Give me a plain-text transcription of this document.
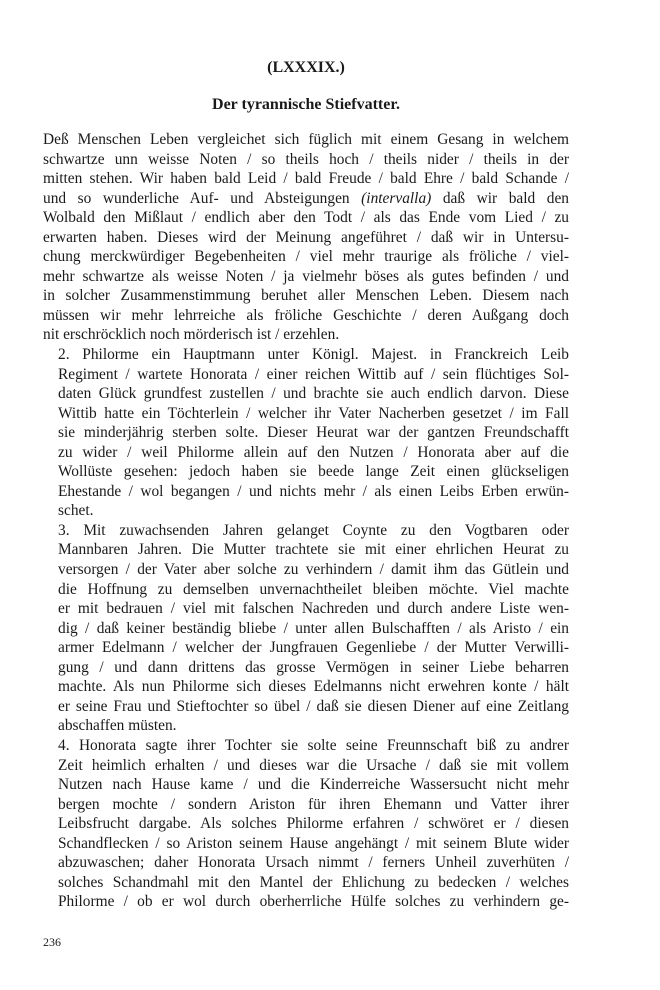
(LXXXIX.)
Der tyrannische Stiefvatter.

Deß Menschen Leben vergleichet sich füglich mit einem Gesang in welchem
schwartze unn weisse Noten / so theils hoch / theils nider / theils in der
mitten stehen. Wir haben bald Leid / bald Freude / bald Ehre / bald Schande /
und so wunderliche Auf- und Absteigungen (intervalla) daß wir bald den
Wolbald den Mißlaut / endlich aber den Todt / als das Ende vom Lied / zu
erwarten haben. Dieses wird der Meinung angeführet / daß wir in Untersu-
chung merckwürdiger Begebenheiten / viel mehr traurige als fröliche / viel-
mehr schwartze als weisse Noten / ja vielmehr böses als gutes befinden / und
in solcher Zusammenstimmung beruhet aller Menschen Leben. Diesem nach
müssen wir mehr lehrreiche als fröliche Geschichte / deren Außgang doch
nit erschröcklich noch mörderisch ist / erzehlen.

2. Philorme ein Hauptmann unter Königl. Majest. in Franckreich Leib
Regiment / wartete Honorata / einer reichen Wittib auf / sein flüchtiges Sol-
daten Glück grundfest zustellen / und brachte sie auch endlich darvon. Diese
Wittib hatte ein Töchterlein / welcher ihr Vater Nacherben gesetzet / im Fall
sie minderjährig sterben solte. Dieser Heurat war der gantzen Freundschafft
zu wider / weil Philorme allein auf den Nutzen / Honorata aber auf die
Wollüste gesehen: jedoch haben sie beede lange Zeit einen glückseligen
Ehestande / wol begangen / und nichts mehr / als einen Leibs Erben erwün-
schet.

3. Mit zuwachsenden Jahren gelanget Coynte zu den Vogtbaren oder
Mannbaren Jahren. Die Mutter trachtete sie mit einer ehrlichen Heurat zu
versorgen / der Vater aber solche zu verhindern / damit ihm das Gütlein und
die Hoffnung zu demselben unvernachtheilet bleiben möchte. Viel machte
er mit bedrauen / viel mit falschen Nachreden und durch andere Liste wen-
dig / daß keiner beständig bliebe / unter allen Bulschafften / als Aristo / ein
armer Edelmann / welcher der Jungfrauen Gegenliebe / der Mutter Verwilli-
gung / und dann drittens das grosse Vermögen in seiner Liebe beharren
machte. Als nun Philorme sich dieses Edelmanns nicht erwehren konte / hält
er seine Frau und Stieftochter so übel / daß sie diesen Diener auf eine Zeitlang
abschaffen müsten.

4. Honorata sagte ihrer Tochter sie solte seine Freunnschaft biß zu andrer
Zeit heimlich erhalten / und dieses war die Ursache / daß sie mit vollem
Nutzen nach Hause kame / und die Kinderreiche Wassersucht nicht mehr
bergen mochte / sondern Ariston für ihren Ehemann und Vatter ihrer
Leibsfrucht dargabe. Als solches Philorme erfahren / schwöret er / diesen
Schandflecken / so Ariston seinem Hause angehängt / mit seinem Blute wider
abzuwaschen; daher Honorata Ursach nimmt / ferners Unheil zuverhüten /
solches Schandmahl mit den Mantel der Ehlichung zu bedecken / welches
Philorme / ob er wol durch oberherrliche Hülfe solches zu verhindern ge-

236
